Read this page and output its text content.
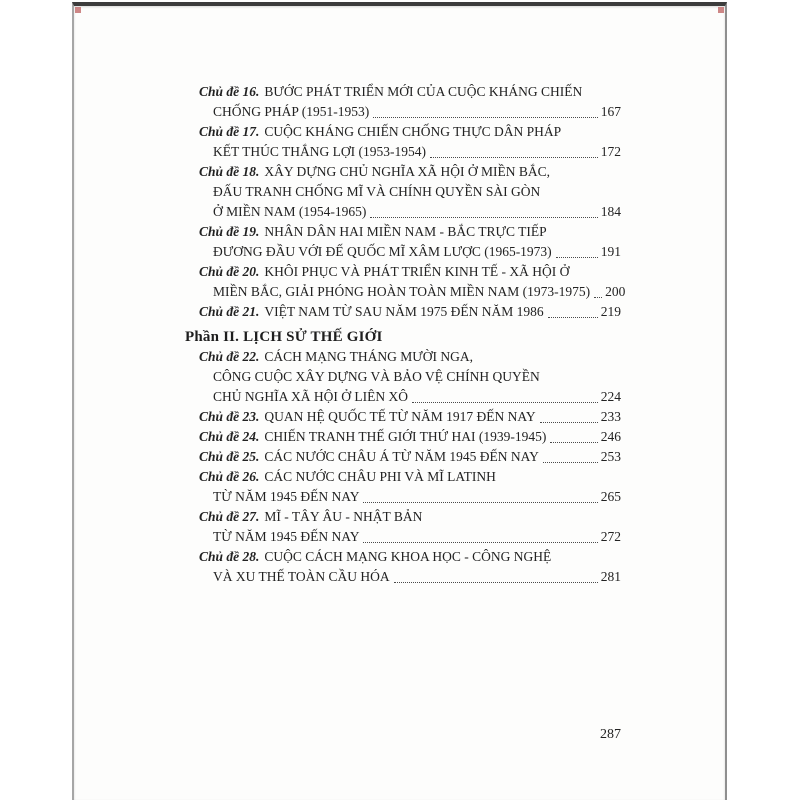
Chủ đề 16. BƯỚC PHÁT TRIỂN MỚI CỦA CUỘC KHÁNG CHIẾN
CHỐNG PHÁP (1951-1953)	167
Chủ đề 17. CUỘC KHÁNG CHIẾN CHỐNG THỰC DÂN PHÁP
KẾT THÚC THẮNG LỢI (1953-1954)	172
Chủ đề 18. XÂY DỰNG CHỦ NGHĨA XÃ HỘI Ở MIỀN BẮC,
ĐẤU TRANH CHỐNG MĨ VÀ CHÍNH QUYỀN SÀI GÒN
Ở MIỀN NAM (1954-1965)	184
Chủ đề 19. NHÂN DÂN HAI MIỀN NAM - BẮC TRỰC TIẾP
ĐƯƠNG ĐẦU VỚI ĐẾ QUỐC MĨ XÂM LƯỢC (1965-1973)	191
Chủ đề 20. KHÔI PHỤC VÀ PHÁT TRIỂN KINH TẾ - XÃ HỘI Ở
MIỀN BẮC, GIẢI PHÓNG HOÀN TOÀN MIỀN NAM (1973-1975) 200
Chủ đề 21. VIỆT NAM TỪ SAU NĂM 1975 ĐẾN NĂM 1986	219
Phần II. LỊCH SỬ THẾ GIỚI
Chủ đề 22. CÁCH MẠNG THÁNG MƯỜI NGA,
CÔNG CUỘC XÂY DỰNG VÀ BẢO VỆ CHÍNH QUYỀN
CHỦ NGHĨA XÃ HỘI Ở LIÊN XÔ	224
Chủ đề 23. QUAN HỆ QUỐC TẾ TỪ NĂM 1917 ĐẾN NAY	233
Chủ đề 24. CHIẾN TRANH THẾ GIỚI THỨ HAI (1939-1945)	246
Chủ đề 25. CÁC NƯỚC CHÂU Á TỪ NĂM 1945 ĐẾN NAY	253
Chủ đề 26. CÁC NƯỚC CHÂU PHI VÀ MĨ LATINH
TỪ NĂM 1945 ĐẾN NAY	265
Chủ đề 27. MĨ - TÂY ÂU - NHẬT BẢN
TỪ NĂM 1945 ĐẾN NAY	272
Chủ đề 28. CUỘC CÁCH MẠNG KHOA HỌC - CÔNG NGHỆ
VÀ XU THẾ TOÀN CẦU HÓA	281
287
